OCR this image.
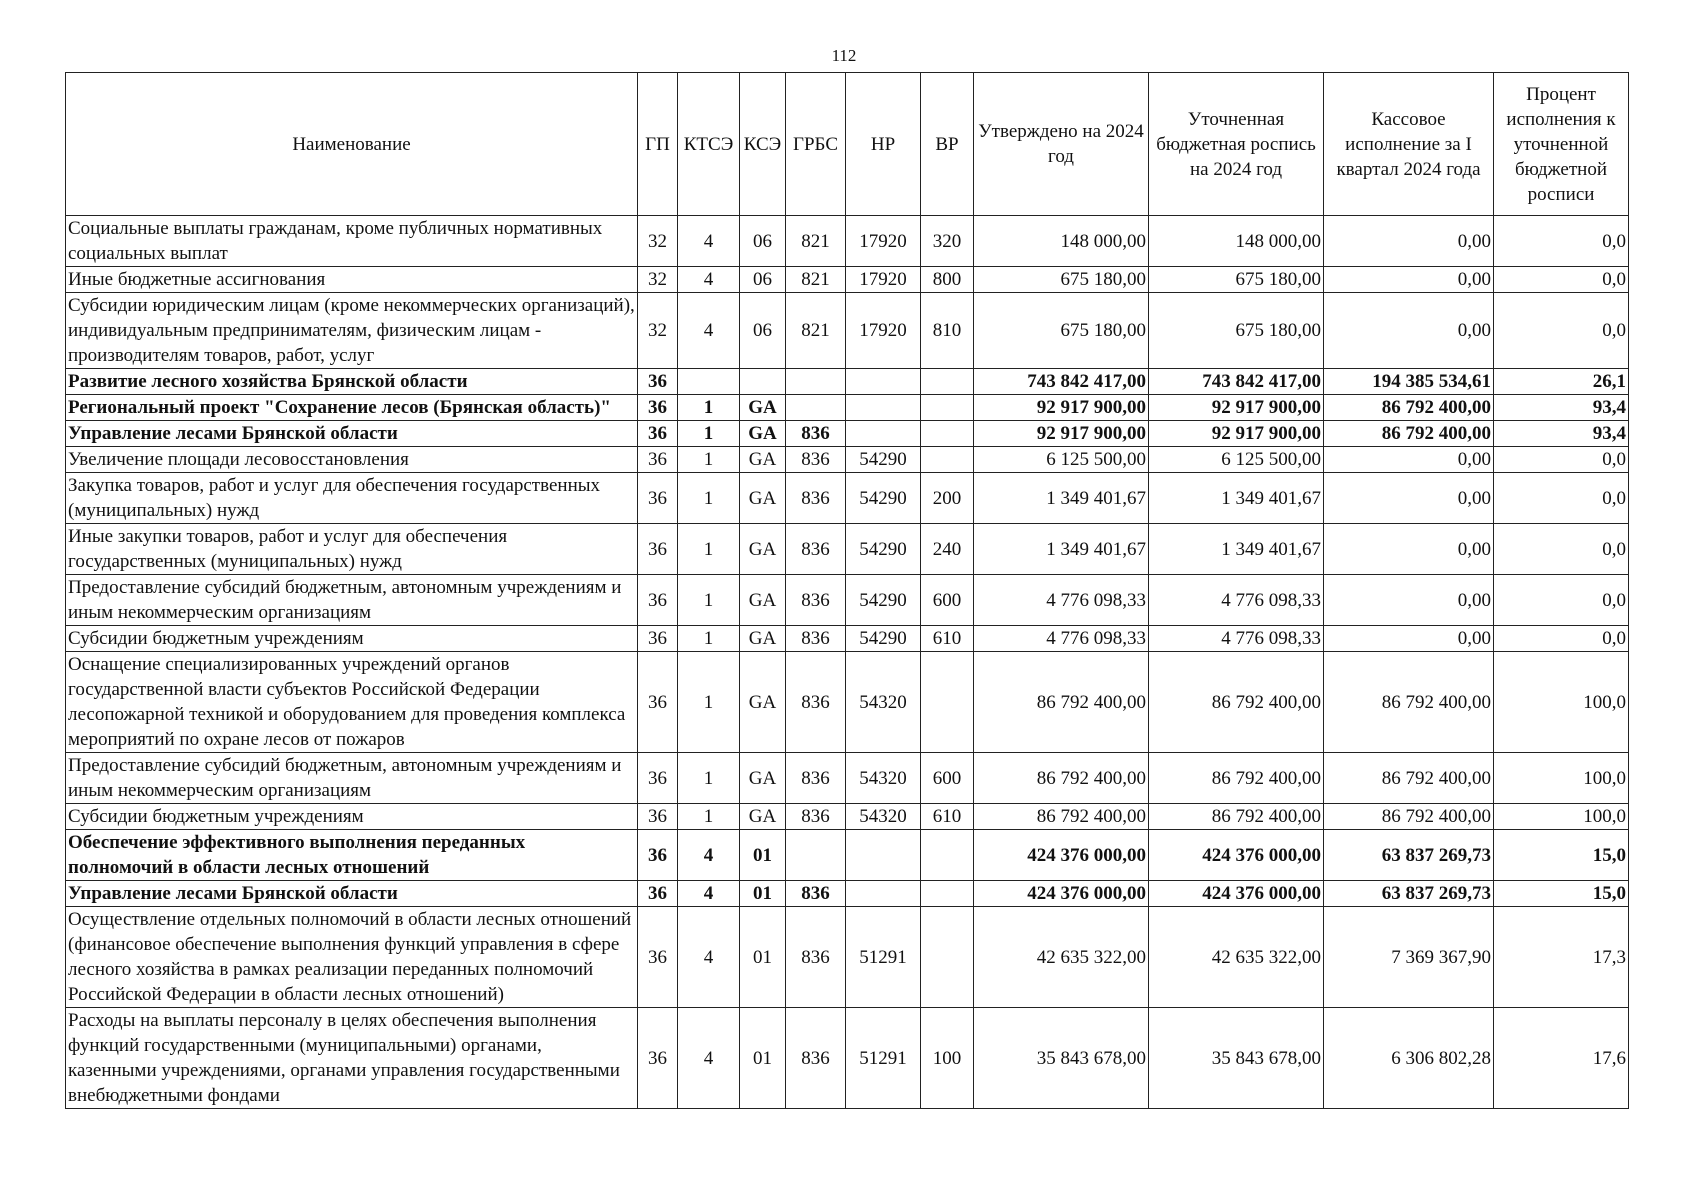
112
Наименование	ГП	КТСЭ	КСЭ	ГРБС	НР	ВР	Утверждено на 2024 год	Уточненная бюджетная роспись на 2024 год	Кассовое исполнение за I квартал 2024 года	Процент исполнения к уточненной бюджетной росписи
Социальные выплаты гражданам, кроме публичных нормативных социальных выплат	32	4	06	821	17920	320	148 000,00	148 000,00	0,00	0,0
Иные бюджетные ассигнования	32	4	06	821	17920	800	675 180,00	675 180,00	0,00	0,0
Субсидии юридическим лицам (кроме некоммерческих организаций), индивидуальным предпринимателям, физическим лицам - производителям товаров, работ, услуг	32	4	06	821	17920	810	675 180,00	675 180,00	0,00	0,0
Развитие лесного хозяйства Брянской области	36						743 842 417,00	743 842 417,00	194 385 534,61	26,1
Региональный проект "Сохранение лесов (Брянская область)"	36	1	GA				92 917 900,00	92 917 900,00	86 792 400,00	93,4
Управление лесами Брянской области	36	1	GA	836			92 917 900,00	92 917 900,00	86 792 400,00	93,4
Увеличение площади лесовосстановления	36	1	GA	836	54290		6 125 500,00	6 125 500,00	0,00	0,0
Закупка товаров, работ и услуг для обеспечения государственных (муниципальных) нужд	36	1	GA	836	54290	200	1 349 401,67	1 349 401,67	0,00	0,0
Иные закупки товаров, работ и услуг для обеспечения государственных (муниципальных) нужд	36	1	GA	836	54290	240	1 349 401,67	1 349 401,67	0,00	0,0
Предоставление субсидий бюджетным, автономным учреждениям и иным некоммерческим организациям	36	1	GA	836	54290	600	4 776 098,33	4 776 098,33	0,00	0,0
Субсидии бюджетным учреждениям	36	1	GA	836	54290	610	4 776 098,33	4 776 098,33	0,00	0,0
Оснащение специализированных учреждений органов государственной власти субъектов Российской Федерации лесопожарной техникой и оборудованием для проведения комплекса мероприятий по охране лесов от пожаров	36	1	GA	836	54320		86 792 400,00	86 792 400,00	86 792 400,00	100,0
Предоставление субсидий бюджетным, автономным учреждениям и иным некоммерческим организациям	36	1	GA	836	54320	600	86 792 400,00	86 792 400,00	86 792 400,00	100,0
Субсидии бюджетным учреждениям	36	1	GA	836	54320	610	86 792 400,00	86 792 400,00	86 792 400,00	100,0
Обеспечение эффективного выполнения переданных полномочий в области лесных отношений	36	4	01				424 376 000,00	424 376 000,00	63 837 269,73	15,0
Управление лесами Брянской области	36	4	01	836			424 376 000,00	424 376 000,00	63 837 269,73	15,0
Осуществление отдельных полномочий в области лесных отношений (финансовое обеспечение выполнения функций управления в сфере лесного хозяйства в рамках реализации переданных полномочий Российской Федерации в области лесных отношений)	36	4	01	836	51291		42 635 322,00	42 635 322,00	7 369 367,90	17,3
Расходы на выплаты персоналу в целях обеспечения выполнения функций государственными (муниципальными) органами, казенными учреждениями, органами управления государственными внебюджетными фондами	36	4	01	836	51291	100	35 843 678,00	35 843 678,00	6 306 802,28	17,6
